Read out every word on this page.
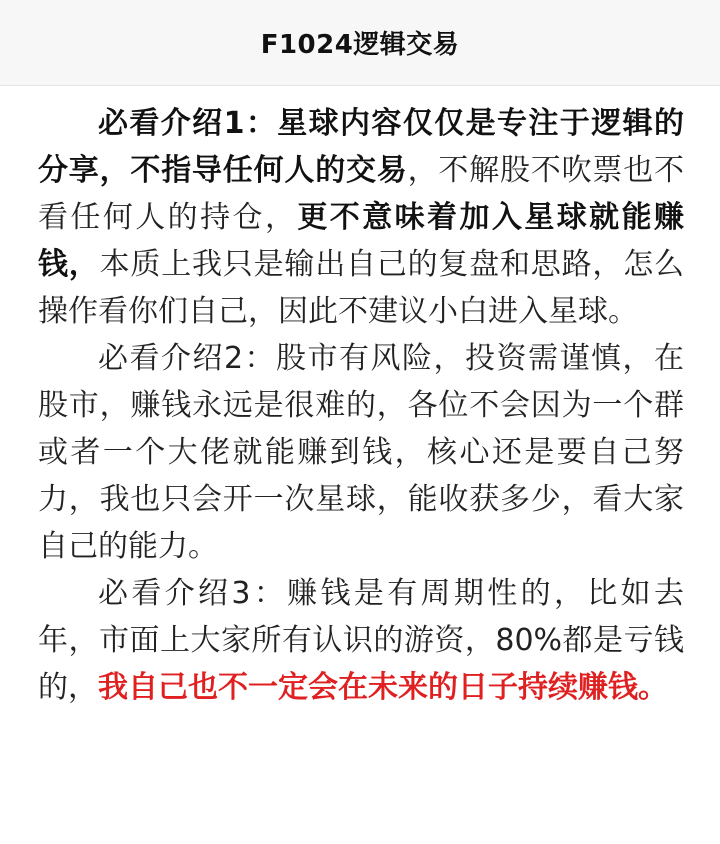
F1024逻辑交易

必看介绍1：星球内容仅仅是专注于逻辑的分享，不指导任何人的交易，不解股不吹票也不看任何人的持仓，更不意味着加入星球就能赚钱，本质上我只是输出自己的复盘和思路，怎么操作看你们自己，因此不建议小白进入星球。

必看介绍2：股市有风险，投资需谨慎，在股市，赚钱永远是很难的，各位不会因为一个群或者一个大佬就能赚到钱，核心还是要自己努力，我也只会开一次星球，能收获多少，看大家自己的能力。

必看介绍3：赚钱是有周期性的，比如去年，市面上大家所有认识的游资，80%都是亏钱的，我自己也不一定会在未来的日子持续赚钱。
